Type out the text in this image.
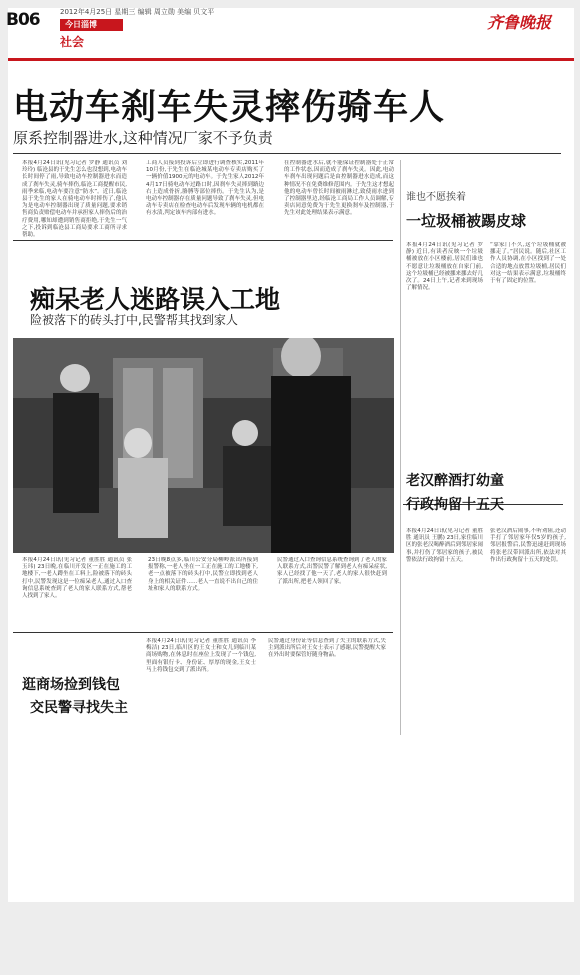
B06	2012年4月25日 星期三 编辑 周立勋 美编 贝文平
今日淄博
社会
齐鲁晚报
电动车刹车失灵摔伤骑车人
原系控制器进水,这种情况厂家不予负责
本报4月24日讯(见习记者 罗静 通讯员 刘玲玲) 临沧县的于先生怎么也没想到,电动车长时间停了雨,导致电动车控制器进水而造成了刹车失灵,骑车摔伤,临沧工商提醒市民,雨季来临,电动车要注意“防水”。近日,临沧县于先生的家人在骑电动车时摔伤了,他认为是电动车控制器出现了质量问题,要求销售商负责赔偿电动车并承担家人摔伤后的治疗费用,哪知却遭到销售商拒绝,于先生一气之下,投诉到临沧县工商局要求工商所寻求帮助。
工商人员接到投诉后立即进行调查核实,2011年10月份,于先生在临沧城某电动车专卖店购买了一辆价值1900元的电动车。于先生家人2012年4月17日骑电动车过路口时,因刹车失灵摔到路边右上造成骨折,胳膊等部位摔伤。于先生认为,是电动车控制器存在质量问题导致了刹车失灵,但电动车专卖店在检查电动车后发现车辆的电机都在有水渍,判定该车内部有进水。
在控制器进水后,就不能保证控制器处于正常的工作状态,因而造成了刹车失灵。因此,电动车刹车出现问题后是由控制器进水造成,而这种情况不在免费维修范围内。于先生这才想起他的电动车曾长时间被雨淋过,致使雨水进到了控制器里边,经临沧工商局工作人员调解,专卖店同意免费为于先生更换刹车及控制器,于先生对此处理结果表示满意。
痴呆老人迷路误入工地
险被落下的砖头打中,民警帮其找到家人
本报4月24日讯(见习记者 董胜胜 通讯员 张玉玮) 23日晚,在临川开发区一正在施工的工地楼下,一老人蹲坐在工料上,险被落下的砖头打中,民警发现这是一位痴呆老人,通过入口查询信息系统查到了老人的家人联系方式,帮老人找到了家人。
23日晚8点多,临川公安分局柳岭派出所接到报警称,一老人坐在一工正在施工的工地楼下,老一点被落下的砖头打中,民警立即找到老人身上的相关证件……老人一直说不出自己的住址和家人的联系方式。
民警通过入口查询信息系统查询到了老人的家人联系方式,出警民警了解到老人有痴呆症状,家人已经找了他一天了,老人的家人很快赶到了派出所,把老人领回了家。
逛商场捡到钱包
交民警寻找失主
本报4月24日讯(见习记者 董胜胜 通讯员 李梅洁) 23日,临川区的王女士和女儿到临川某商场购物,在休息时在座位上发现了一个钱包,里面有银行卡、身份证、厚厚的现金,王女士马上将钱包交到了派出所。
民警通过身份证等信息查到了失主的联系方式,失主到派出所后对王女士表示了感谢,民警提醒大家在外出时要保管好随身物品。
谁也不愿挨着
一垃圾桶被踢皮球
本报4月24日讯(见习记者 罗静) 近日,有读者反映一个垃圾桶被放在小区楼前,居民们谁也不愿意让垃圾桶放在自家门前,这个垃圾桶已经被挪来挪去好几次了。24日上午,记者来到现场了解情况。
“靠家门不久,这个垃圾桶就被挪走了。”居民说。随后,社区工作人员协调,在小区找到了一处合适的地点放置垃圾桶,居民们对这一结果表示满意,垃圾桶终于有了固定的位置。
老汉醉酒打幼童
行政拘留十五天
本报4月24日讯(见习记者 董胜胜 通讯员 王鹏) 23日,家住临川区的张老汉喝醉酒后到邻居家闹事,并打伤了邻居家的孩子,被民警依法行政拘留十五天。
张老汉酒后闹事,不听劝阻,还动手打了邻居家年仅5岁的孩子,邻居报警后,民警迅速赶到现场将张老汉带回派出所,依法对其作出行政拘留十五天的处罚。
